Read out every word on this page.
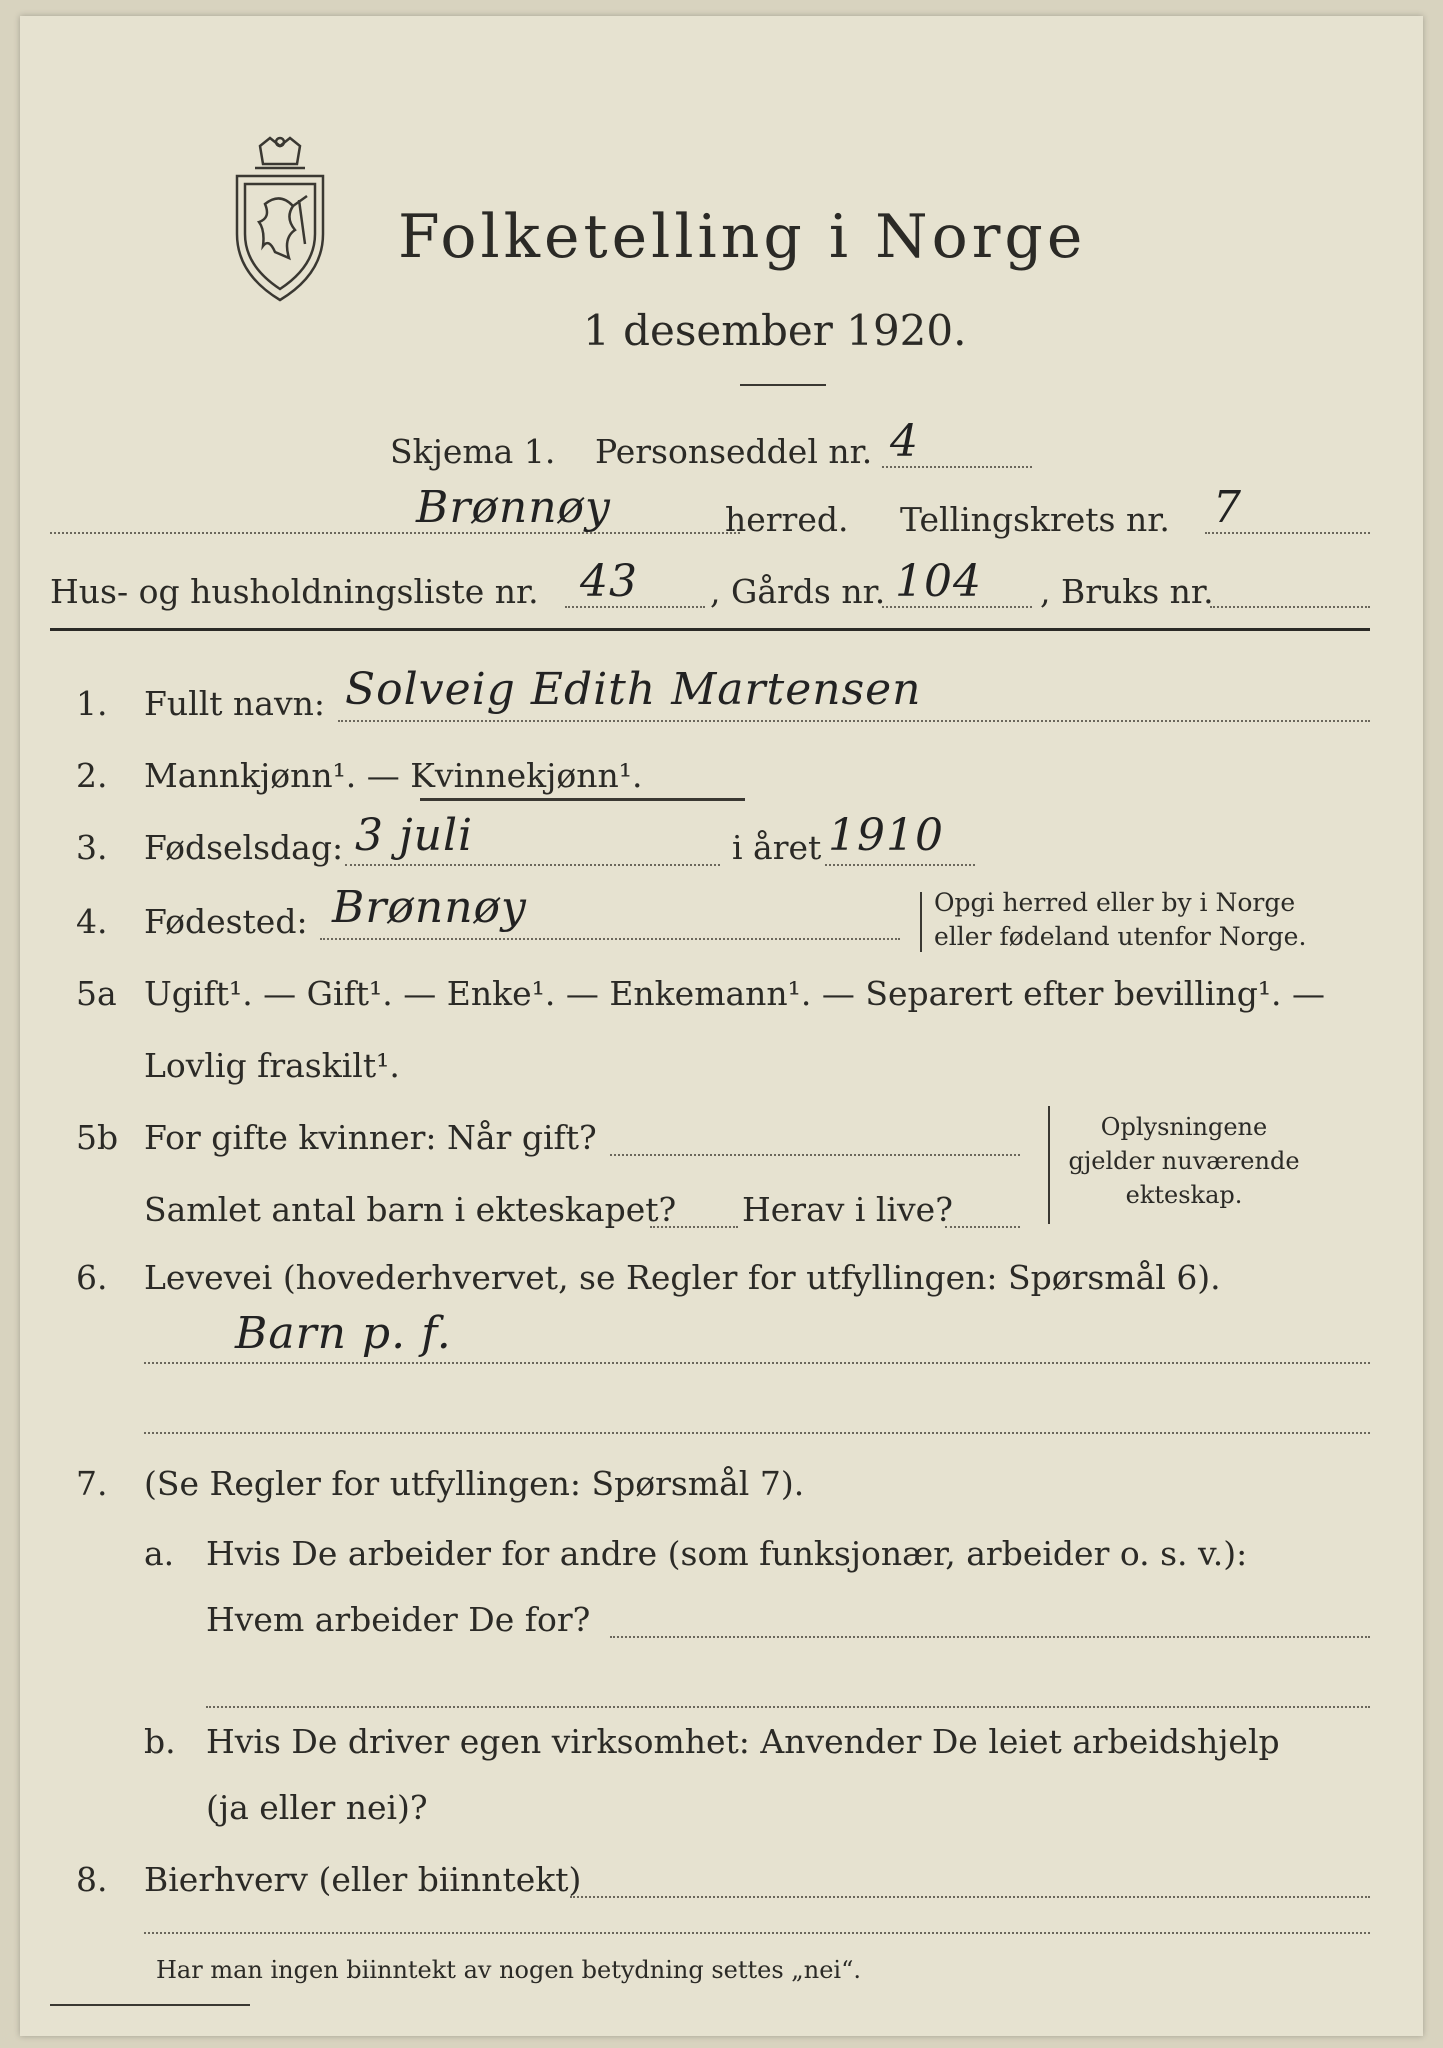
Folketelling i Norge
1 desember 1920.
Skjema 1. Personseddel nr. 4
Brønnøy	herred. Tellingskrets nr. 7
Hus- og husholdningsliste nr. 43 , Gårds nr. 104 , Bruks nr.
1. Fullt navn: Solveig Edith Martensen
2. Mannkjønn¹. — Kvinnekjønn¹.
3. Fødselsdag: 3 juli	i året 1910
4. Fødested: Brønnøy	Opgi herred eller by i Norge
eller fødeland utenfor Norge.
5a Ugift¹. — Gift¹. — Enke¹. — Enkemann¹. — Separert efter bevilling¹. —
Lovlig fraskilt¹.
5b For gifte kvinner: Når gift?
Samlet antal barn i ekteskapet? Herav i live?
Oplysningene
gjelder nuværende
ekteskap.
6. Levevei (hovederhvervet, se Regler for utfyllingen: Spørsmål 6).
Barn p. f.
7. (Se Regler for utfyllingen: Spørsmål 7).
a. Hvis De arbeider for andre (som funksjonær, arbeider o. s. v.):
Hvem arbeider De for?
b. Hvis De driver egen virksomhet: Anvender De leiet arbeidshjelp
(ja eller nei)?
8. Bierhverv (eller biinntekt)
Har man ingen biinntekt av nogen betydning settes „nei“.
